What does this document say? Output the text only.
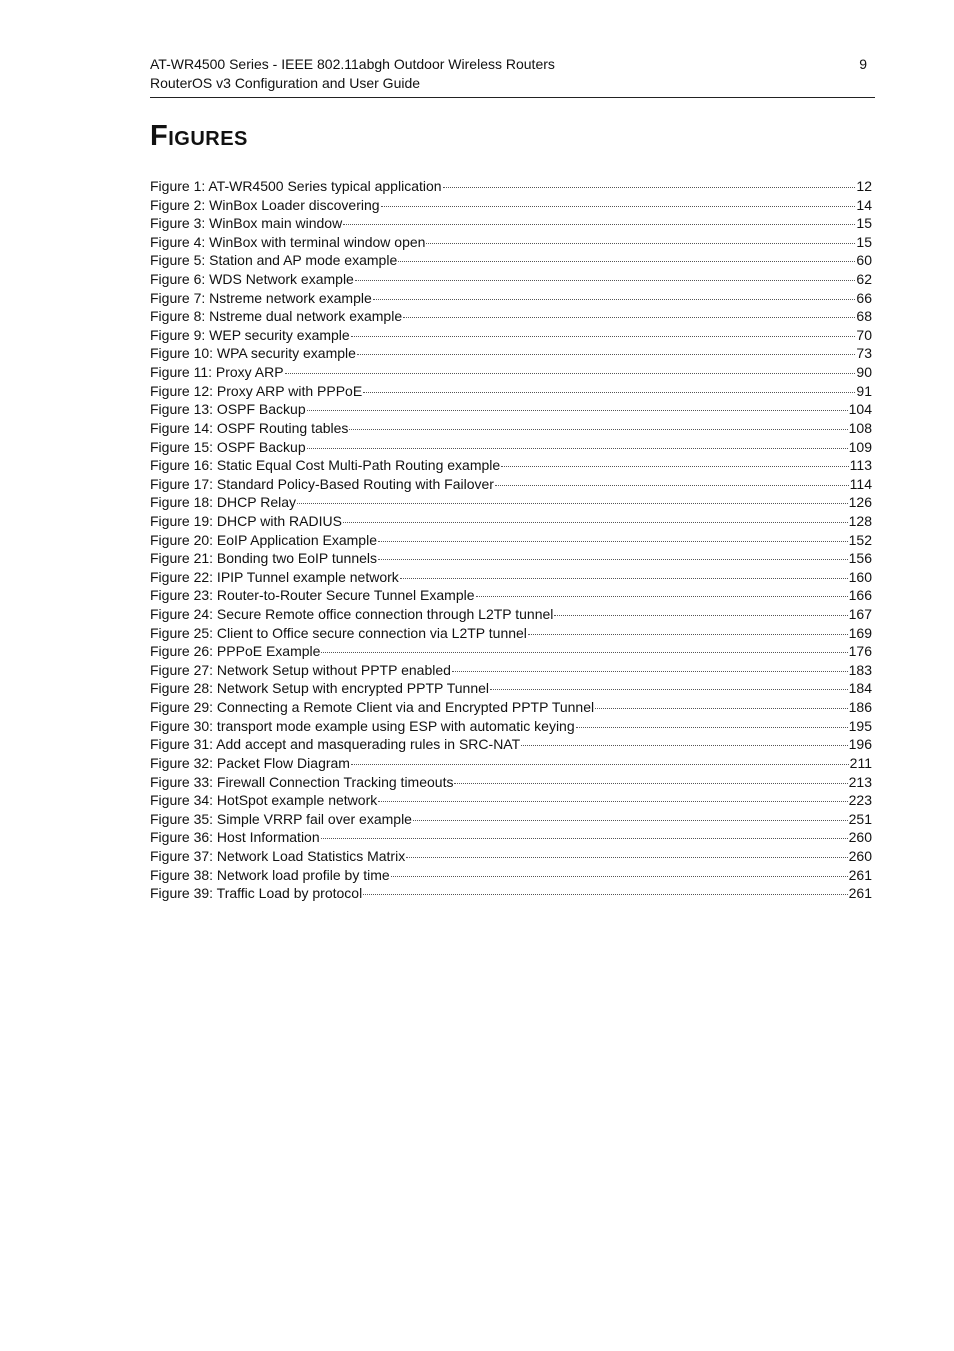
AT-WR4500 Series - IEEE 802.11abgh Outdoor Wireless Routers
RouterOS v3 Configuration and User Guide
9
FIGURES
Figure 1: AT-WR4500 Series typical application	12
Figure 2: WinBox Loader discovering	14
Figure 3: WinBox main window	15
Figure 4: WinBox with terminal window open	15
Figure 5: Station and AP mode example	60
Figure 6: WDS Network example	62
Figure 7: Nstreme network example	66
Figure 8: Nstreme dual network example	68
Figure 9: WEP security example	70
Figure 10: WPA security example	73
Figure 11: Proxy ARP	90
Figure 12: Proxy ARP with PPPoE	91
Figure 13: OSPF Backup	104
Figure 14: OSPF Routing tables	108
Figure 15: OSPF Backup	109
Figure 16: Static Equal Cost Multi-Path Routing example	113
Figure 17: Standard Policy-Based Routing with Failover	114
Figure 18: DHCP Relay	126
Figure 19: DHCP with RADIUS	128
Figure 20: EoIP Application Example	152
Figure 21: Bonding two EoIP tunnels	156
Figure 22: IPIP Tunnel example network	160
Figure 23: Router-to-Router Secure Tunnel Example	166
Figure 24: Secure Remote office connection through L2TP tunnel	167
Figure 25: Client to Office secure connection via L2TP tunnel	169
Figure 26: PPPoE Example	176
Figure 27: Network Setup without PPTP enabled	183
Figure 28: Network Setup with encrypted PPTP Tunnel	184
Figure 29: Connecting a Remote Client via and Encrypted PPTP Tunnel	186
Figure 30: transport mode example using ESP with automatic keying	195
Figure 31: Add accept and masquerading rules in SRC-NAT	196
Figure 32: Packet Flow Diagram	211
Figure 33: Firewall Connection Tracking timeouts	213
Figure 34: HotSpot example network	223
Figure 35: Simple VRRP fail over example	251
Figure 36: Host Information	260
Figure 37: Network Load Statistics Matrix	260
Figure 38: Network load profile by time	261
Figure 39: Traffic Load by protocol	261
